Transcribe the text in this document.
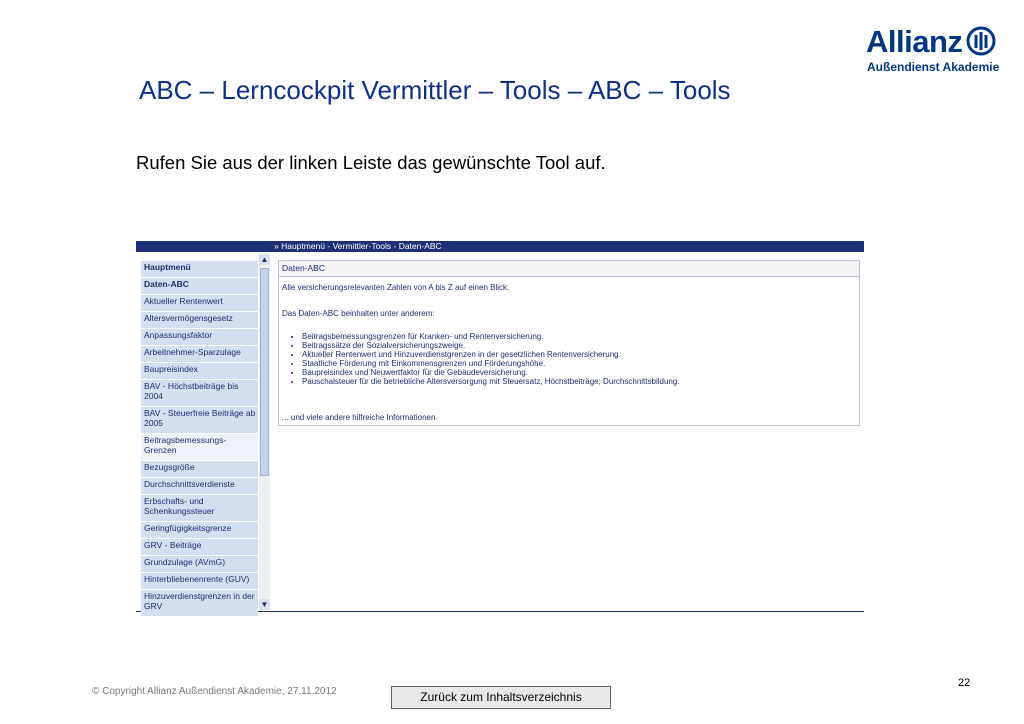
Allianz
Außendienst Akademie
ABC – Lerncockpit Vermittler – Tools – ABC – Tools
Rufen Sie aus der linken Leiste das gewünschte Tool auf.
» Hauptmenü - Vermittler-Tools - Daten-ABC
Hauptmenü
Daten-ABC
Aktueller Rentenwert
Altersvermögensgesetz
Anpassungsfaktor
Arbeitnehmer-Sparzulage
Baupreisindex
BAV - Höchstbeiträge bis 2004
BAV - Steuerfreie Beiträge ab 2005
Beitragsbemessungs-Grenzen
Bezugsgröße
Durchschnittsverdienste
Erbschafts- und Schenkungssteuer
Geringfügigkeitsgrenze
GRV - Beiträge
Grundzulage (AVmG)
Hinterbliebenenrente (GUV)
Hinzuverdienstgrenzen in der GRV
▲
▼
Daten-ABC
Alle versicherungsrelevanten Zahlen von A bis Z auf einen Blick.
Das Daten-ABC beinhalten unter anderem:
• Beitragsbemessungsgrenzen für Kranken- und Rentenversicherung.
• Beitragssätze der Sozialversicherungszweige.
• Aktueller Rentenwert und Hinzuverdienstgrenzen in der gesetzlichen Rentenversicherung.
• Staatliche Förderung mit Einkommensgrenzen und Förderungshöhe.
• Baupreisindex und Neuwertfaktor für die Gebäudeversicherung.
• Pauschalsteuer für die betriebliche Altersversorgung mit Steuersatz, Höchstbeiträge; Durchschnittsbildung.
... und viele andere hilfreiche Informationen.
© Copyright Allianz Außendienst Akademie, 27.11.2012	Zurück zum Inhaltsverzeichnis
22
